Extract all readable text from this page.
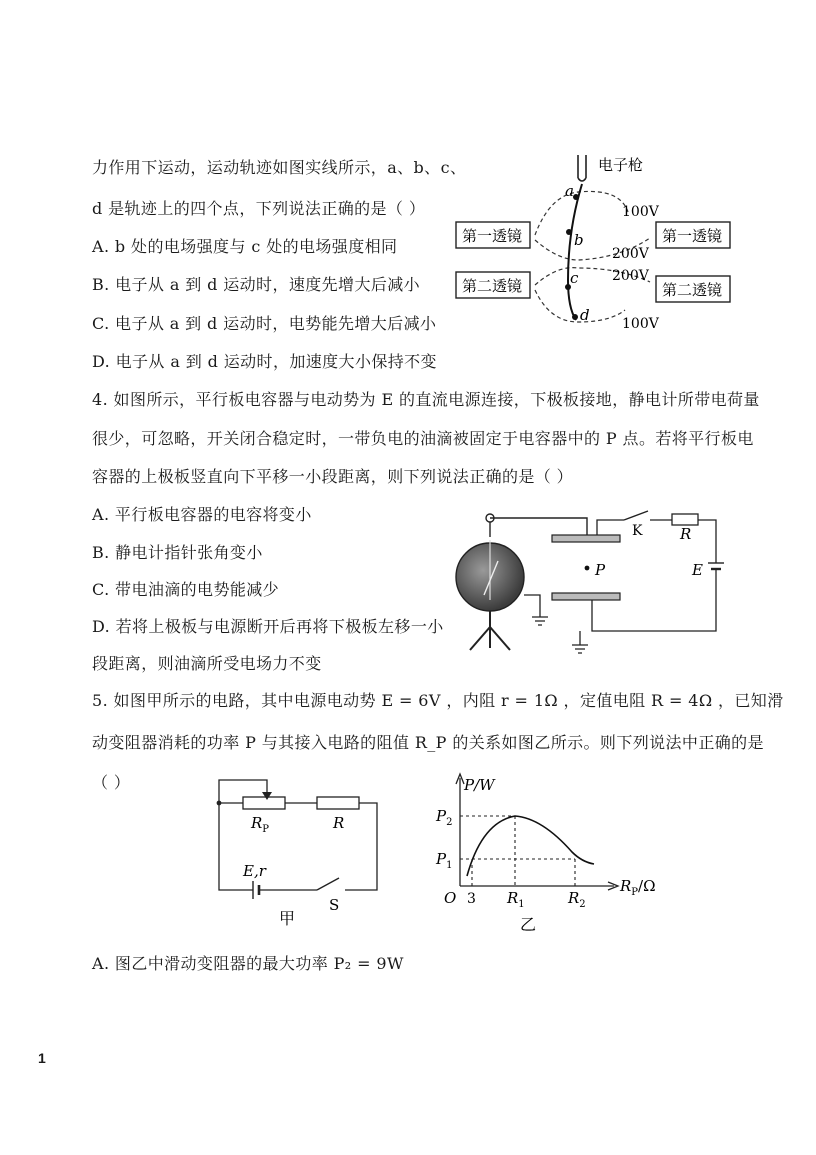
力作用下运动，运动轨迹如图实线所示，a、b、c、
d 是轨迹上的四个点，下列说法正确的是（ ）
A. b 处的电场强度与 c 处的电场强度相同
B. 电子从 a 到 d 运动时，速度先增大后减小
C. 电子从 a 到 d 运动时，电势能先增大后减小
D. 电子从 a 到 d 运动时，加速度大小保持不变
电子枪
第一透镜	第一透镜
第二透镜	第二透镜
a
b
c
d
100V
200V
200V
100V
4. 如图所示，平行板电容器与电动势为 E 的直流电源连接，下极板接地，静电计所带电荷量
很少，可忽略，开关闭合稳定时，一带负电的油滴被固定于电容器中的 P 点。若将平行板电
容器的上极板竖直向下平移一小段距离，则下列说法正确的是（ ）
A. 平行板电容器的电容将变小
B. 静电计指针张角变小
C. 带电油滴的电势能减少
D. 若将上极板与电源断开后再将下极板左移一小
段距离，则油滴所受电场力不变
P
K	R
E
5. 如图甲所示的电路，其中电源电动势 E = 6V ，内阻 r = 1Ω ，定值电阻 R = 4Ω ，已知滑
动变阻器消耗的功率 P 与其接入电路的阻值 R_P 的关系如图乙所示。则下列说法中正确的是
（ ）
$R_P$	R
E,r
S
甲
P/W
$P_2$
$P_1$
O 3 $R_1$	$R_2$
$R_P/\Omega$
乙
A. 图乙中滑动变阻器的最大功率 P₂ = 9W
1
